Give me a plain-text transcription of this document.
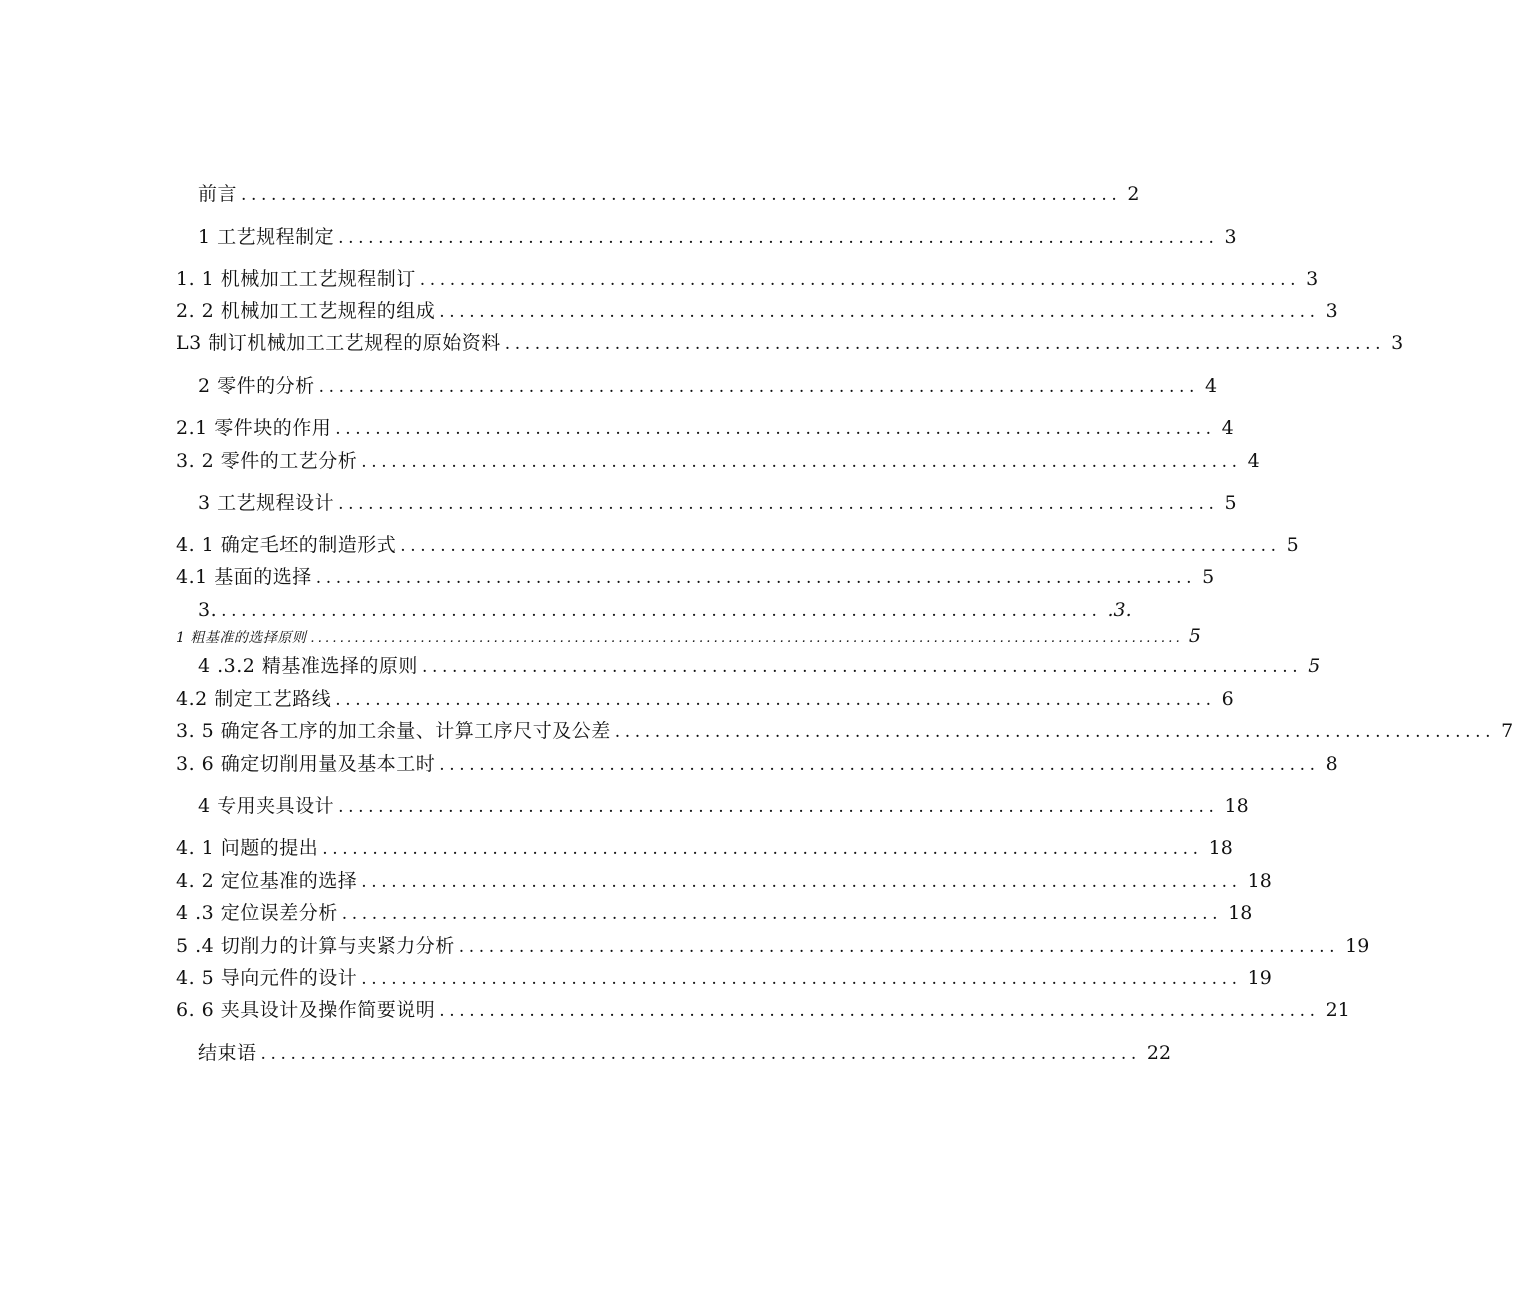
前言 ........................................................................................ 2
1 工艺规程制定 ........................................................................................ 3
1. 1 机械加工工艺规程制订 ........................................................................................ 3
2. 2 机械加工工艺规程的组成 ........................................................................................ 3
L3 制订机械加工工艺规程的原始资料 ........................................................................................ 3
2 零件的分析 ........................................................................................ 4
2.1 零件块的作用 ........................................................................................ 4
3. 2 零件的工艺分析 ........................................................................................ 4
3 工艺规程设计 ........................................................................................ 5
4. 1 确定毛坯的制造形式 ........................................................................................ 5
4.1 基面的选择 ........................................................................................ 5
3. ........................................................................................ .3.
1 粗基准的选择原则 ....................................................................................................................... 5
4 .3.2 精基准选择的原则 ........................................................................................ 5
4.2 制定工艺路线 ........................................................................................ 6
3. 5 确定各工序的加工余量、计算工序尺寸及公差 ........................................................................................ 7
3. 6 确定切削用量及基本工时 ........................................................................................ 8
4 专用夹具设计 ........................................................................................ 18
4. 1 问题的提出 ........................................................................................ 18
4. 2 定位基准的选择 ........................................................................................ 18
4 .3 定位误差分析 ........................................................................................ 18
5 .4 切削力的计算与夹紧力分析 ........................................................................................ 19
4. 5 导向元件的设计 ........................................................................................ 19
6. 6 夹具设计及操作简要说明 ........................................................................................ 21
结束语 ........................................................................................ 22
